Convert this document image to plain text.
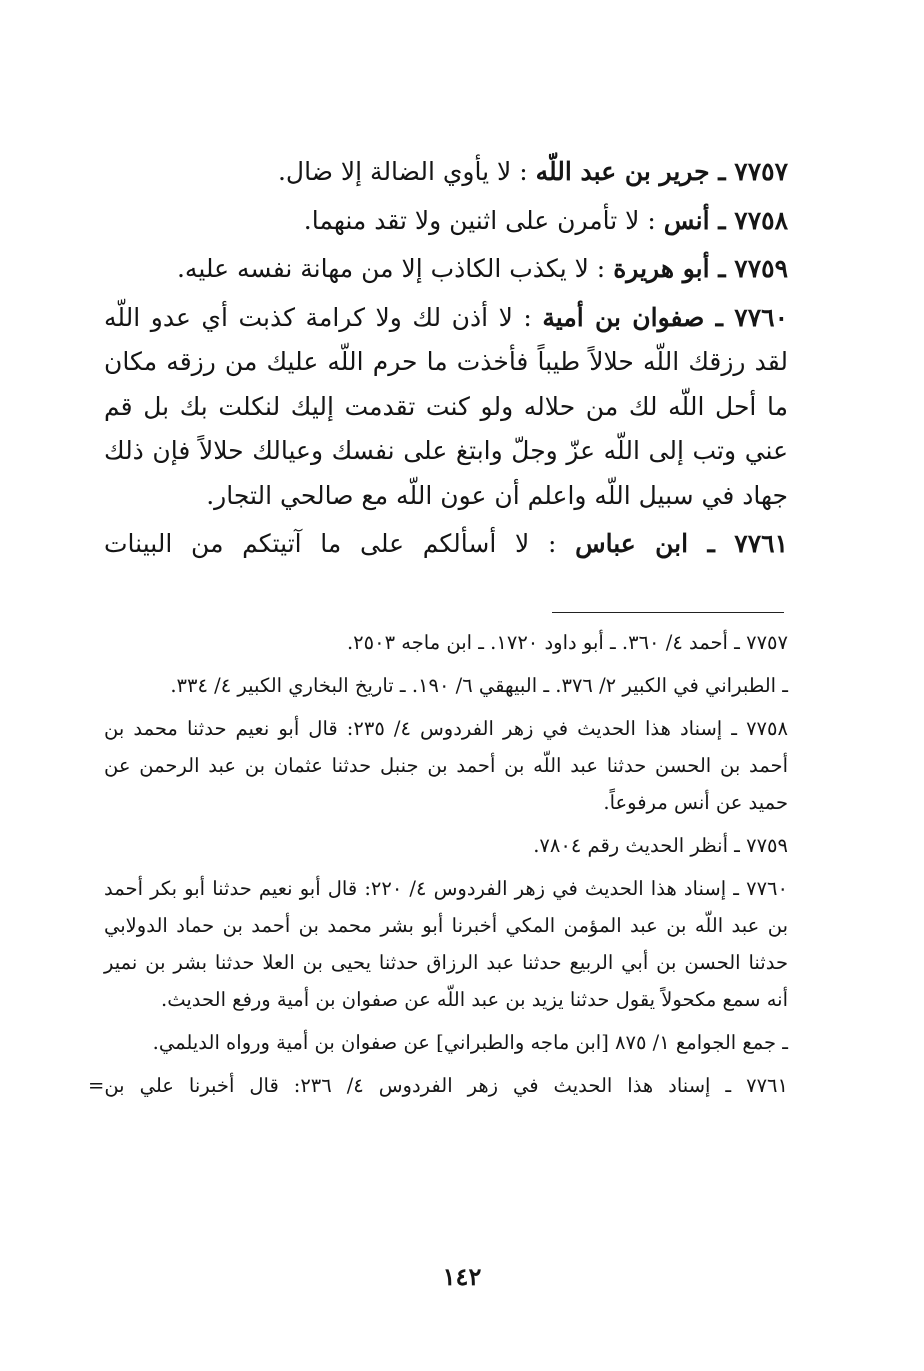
٧٧٥٧ ـ جرير بن عبد اللّه : لا يأوي الضالة إلا ضال.

٧٧٥٨ ـ أنس : لا تأمرن على اثنين ولا تقد منهما.

٧٧٥٩ ـ أبو هريرة : لا يكذب الكاذب إلا من مهانة نفسه عليه.

٧٧٦٠ ـ صفوان بن أمية : لا أذن لك ولا كرامة كذبت أي عدو اللّه لقد رزقك اللّه حلالاً طيباً فأخذت ما حرم اللّه عليك من رزقه مكان ما أحل اللّه لك من حلاله ولو كنت تقدمت إليك لنكلت بك بل قم عني وتب إلى اللّه عزّ وجلّ وابتغ على نفسك وعيالك حلالاً فإن ذلك جهاد في سبيل اللّه واعلم أن عون اللّه مع صالحي التجار.

٧٧٦١ ـ ابن عباس : لا أسألكم على ما آتيتكم من البينات

٧٧٥٧ ـ أحمد ٤/ ٣٦٠. ـ أبو داود ١٧٢٠. ـ ابن ماجه ٢٥٠٣.

ـ الطبراني في الكبير ٢/ ٣٧٦. ـ البيهقي ٦/ ١٩٠. ـ تاريخ البخاري الكبير ٤/ ٣٣٤.

٧٧٥٨ ـ إسناد هذا الحديث في زهر الفردوس ٤/ ٢٣٥: قال أبو نعيم حدثنا محمد بن أحمد بن الحسن حدثنا عبد اللّه بن أحمد بن جنبل حدثنا عثمان بن عبد الرحمن عن حميد عن أنس مرفوعاً.

٧٧٥٩ ـ أنظر الحديث رقم ٧٨٠٤.

٧٧٦٠ ـ إسناد هذا الحديث في زهر الفردوس ٤/ ٢٢٠: قال أبو نعيم حدثنا أبو بكر أحمد بن عبد اللّه بن عبد المؤمن المكي أخبرنا أبو بشر محمد بن أحمد بن حماد الدولابي حدثنا الحسن بن أبي الربيع حدثنا عبد الرزاق حدثنا يحيى بن العلا حدثنا بشر بن نمير أنه سمع مكحولاً يقول حدثنا يزيد بن عبد اللّه عن صفوان بن أمية ورفع الحديث.

ـ جمع الجوامع ١/ ٨٧٥ [ابن ماجه والطبراني] عن صفوان بن أمية ورواه الديلمي.

٧٧٦١ ـ إسناد هذا الحديث في زهر الفردوس ٤/ ٢٣٦: قال أخبرنا علي بن=

١٤٢
